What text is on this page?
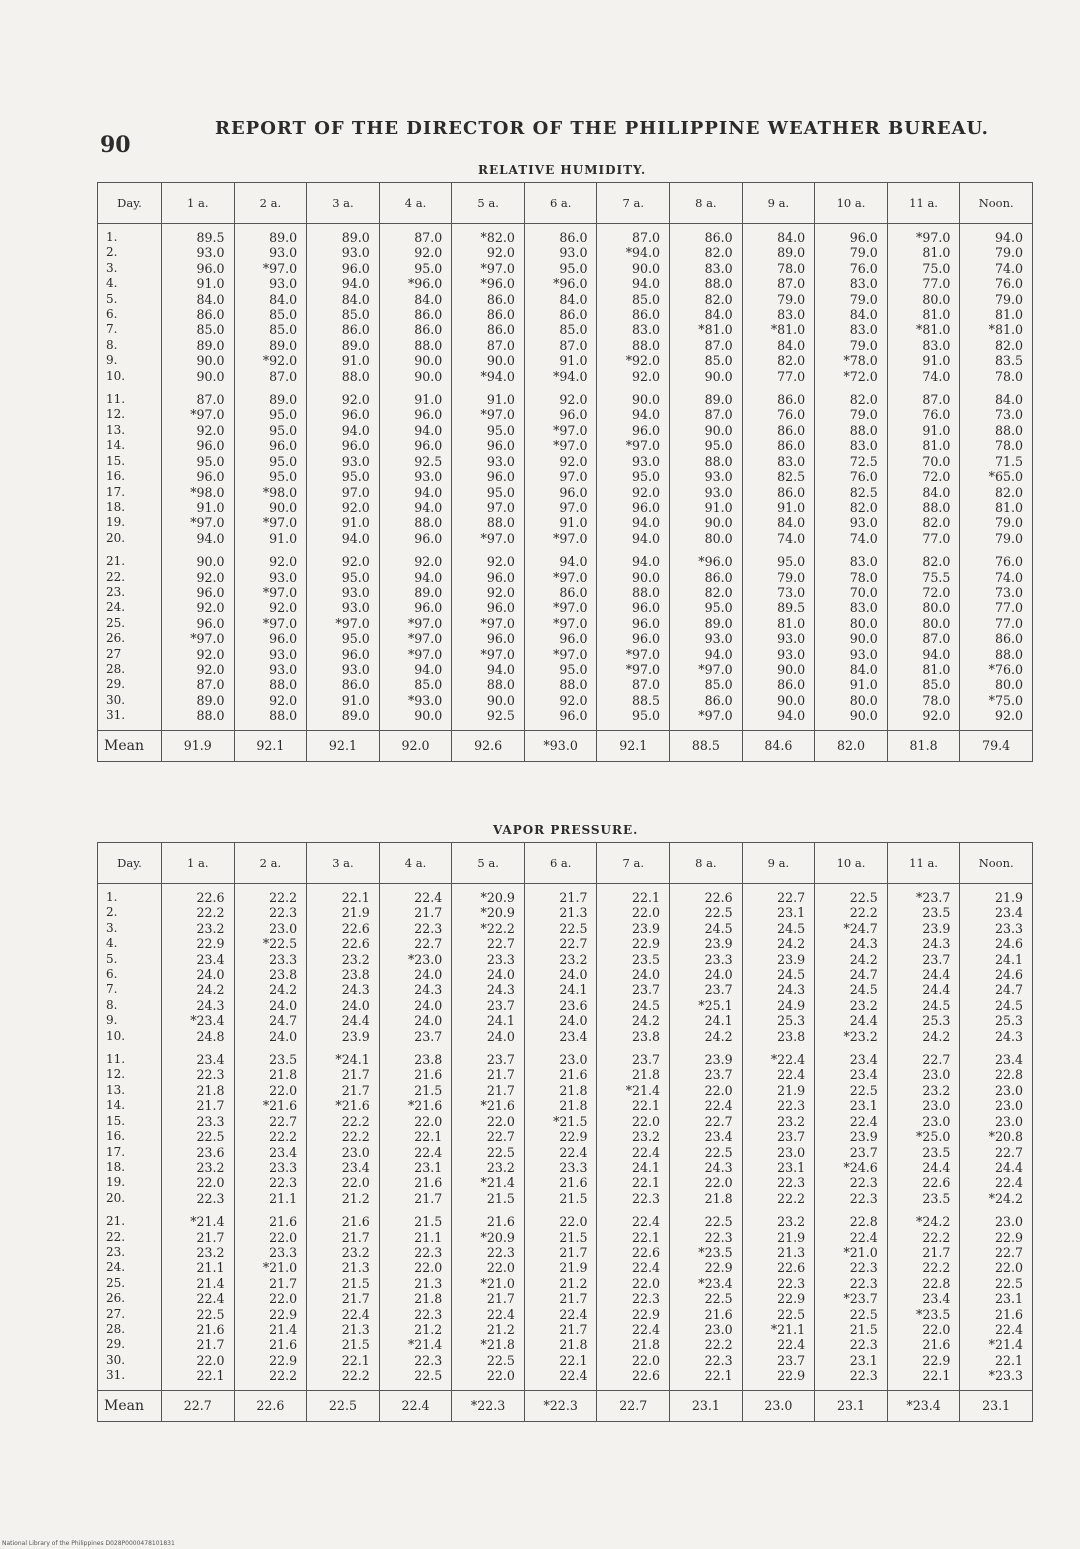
90
REPORT OF THE DIRECTOR OF THE PHILIPPINE WEATHER BUREAU.
RELATIVE HUMIDITY.
Day.	1 a.	2 a.	3 a.	4 a.	5 a.	6 a.	7 a.	8 a.	9 a.	10 a.	11 a.	Noon.
1.	89.5	89.0	89.0	87.0	*82.0	86.0	87.0	86.0	84.0	96.0	*97.0	94.0
2.	93.0	93.0	93.0	92.0	92.0	93.0	*94.0	82.0	89.0	79.0	81.0	79.0
3.	96.0	*97.0	96.0	95.0	*97.0	95.0	90.0	83.0	78.0	76.0	75.0	74.0
4.	91.0	93.0	94.0	*96.0	*96.0	*96.0	94.0	88.0	87.0	83.0	77.0	76.0
5.	84.0	84.0	84.0	84.0	86.0	84.0	85.0	82.0	79.0	79.0	80.0	79.0
6.	86.0	85.0	85.0	86.0	86.0	86.0	86.0	84.0	83.0	84.0	81.0	81.0
7.	85.0	85.0	86.0	86.0	86.0	85.0	83.0	*81.0	*81.0	83.0	*81.0	*81.0
8.	89.0	89.0	89.0	88.0	87.0	87.0	88.0	87.0	84.0	79.0	83.0	82.0
9.	90.0	*92.0	91.0	90.0	90.0	91.0	*92.0	85.0	82.0	*78.0	91.0	83.5
10.	90.0	87.0	88.0	90.0	*94.0	*94.0	92.0	90.0	77.0	*72.0	74.0	78.0
11.	87.0	89.0	92.0	91.0	91.0	92.0	90.0	89.0	86.0	82.0	87.0	84.0
12.	*97.0	95.0	96.0	96.0	*97.0	96.0	94.0	87.0	76.0	79.0	76.0	73.0
13.	92.0	95.0	94.0	94.0	95.0	*97.0	96.0	90.0	86.0	88.0	91.0	88.0
14.	96.0	96.0	96.0	96.0	96.0	*97.0	*97.0	95.0	86.0	83.0	81.0	78.0
15.	95.0	95.0	93.0	92.5	93.0	92.0	93.0	88.0	83.0	72.5	70.0	71.5
16.	96.0	95.0	95.0	93.0	96.0	97.0	95.0	93.0	82.5	76.0	72.0	*65.0
17.	*98.0	*98.0	97.0	94.0	95.0	96.0	92.0	93.0	86.0	82.5	84.0	82.0
18.	91.0	90.0	92.0	94.0	97.0	97.0	96.0	91.0	91.0	82.0	88.0	81.0
19.	*97.0	*97.0	91.0	88.0	88.0	91.0	94.0	90.0	84.0	93.0	82.0	79.0
20.	94.0	91.0	94.0	96.0	*97.0	*97.0	94.0	80.0	74.0	74.0	77.0	79.0
21.	90.0	92.0	92.0	92.0	92.0	94.0	94.0	*96.0	95.0	83.0	82.0	76.0
22.	92.0	93.0	95.0	94.0	96.0	*97.0	90.0	86.0	79.0	78.0	75.5	74.0
23.	96.0	*97.0	93.0	89.0	92.0	86.0	88.0	82.0	73.0	70.0	72.0	73.0
24.	92.0	92.0	93.0	96.0	96.0	*97.0	96.0	95.0	89.5	83.0	80.0	77.0
25.	96.0	*97.0	*97.0	*97.0	*97.0	*97.0	96.0	89.0	81.0	80.0	80.0	77.0
26.	*97.0	96.0	95.0	*97.0	96.0	96.0	96.0	93.0	93.0	90.0	87.0	86.0
27	92.0	93.0	96.0	*97.0	*97.0	*97.0	*97.0	94.0	93.0	93.0	94.0	88.0
28.	92.0	93.0	93.0	94.0	94.0	95.0	*97.0	*97.0	90.0	84.0	81.0	*76.0
29.	87.0	88.0	86.0	85.0	88.0	88.0	87.0	85.0	86.0	91.0	85.0	80.0
30.	89.0	92.0	91.0	*93.0	90.0	92.0	88.5	86.0	90.0	80.0	78.0	*75.0
31.	88.0	88.0	89.0	90.0	92.5	96.0	95.0	*97.0	94.0	90.0	92.0	92.0
Mean	91.9	92.1	92.1	92.0	92.6	*93.0	92.1	88.5	84.6	82.0	81.8	79.4
VAPOR PRESSURE.
Day.	1 a.	2 a.	3 a.	4 a.	5 a.	6 a.	7 a.	8 a.	9 a.	10 a.	11 a.	Noon.
1.	22.6	22.2	22.1	22.4	*20.9	21.7	22.1	22.6	22.7	22.5	*23.7	21.9
2.	22.2	22.3	21.9	21.7	*20.9	21.3	22.0	22.5	23.1	22.2	23.5	23.4
3.	23.2	23.0	22.6	22.3	*22.2	22.5	23.9	24.5	24.5	*24.7	23.9	23.3
4.	22.9	*22.5	22.6	22.7	22.7	22.7	22.9	23.9	24.2	24.3	24.3	24.6
5.	23.4	23.3	23.2	*23.0	23.3	23.2	23.5	23.3	23.9	24.2	23.7	24.1
6.	24.0	23.8	23.8	24.0	24.0	24.0	24.0	24.0	24.5	24.7	24.4	24.6
7.	24.2	24.2	24.3	24.3	24.3	24.1	23.7	23.7	24.3	24.5	24.4	24.7
8.	24.3	24.0	24.0	24.0	23.7	23.6	24.5	*25.1	24.9	23.2	24.5	24.5
9.	*23.4	24.7	24.4	24.0	24.1	24.0	24.2	24.1	25.3	24.4	25.3	25.3
10.	24.8	24.0	23.9	23.7	24.0	23.4	23.8	24.2	23.8	*23.2	24.2	24.3
11.	23.4	23.5	*24.1	23.8	23.7	23.0	23.7	23.9	*22.4	23.4	22.7	23.4
12.	22.3	21.8	21.7	21.6	21.7	21.6	21.8	23.7	22.4	23.4	23.0	22.8
13.	21.8	22.0	21.7	21.5	21.7	21.8	*21.4	22.0	21.9	22.5	23.2	23.0
14.	21.7	*21.6	*21.6	*21.6	*21.6	21.8	22.1	22.4	22.3	23.1	23.0	23.0
15.	23.3	22.7	22.2	22.0	22.0	*21.5	22.0	22.7	23.2	22.4	23.0	23.0
16.	22.5	22.2	22.2	22.1	22.7	22.9	23.2	23.4	23.7	23.9	*25.0	*20.8
17.	23.6	23.4	23.0	22.4	22.5	22.4	22.4	22.5	23.0	23.7	23.5	22.7
18.	23.2	23.3	23.4	23.1	23.2	23.3	24.1	24.3	23.1	*24.6	24.4	24.4
19.	22.0	22.3	22.0	21.6	*21.4	21.6	22.1	22.0	22.3	22.3	22.6	22.4
20.	22.3	21.1	21.2	21.7	21.5	21.5	22.3	21.8	22.2	22.3	23.5	*24.2
21.	*21.4	21.6	21.6	21.5	21.6	22.0	22.4	22.5	23.2	22.8	*24.2	23.0
22.	21.7	22.0	21.7	21.1	*20.9	21.5	22.1	22.3	21.9	22.4	22.2	22.9
23.	23.2	23.3	23.2	22.3	22.3	21.7	22.6	*23.5	21.3	*21.0	21.7	22.7
24.	21.1	*21.0	21.3	22.0	22.0	21.9	22.4	22.9	22.6	22.3	22.2	22.0
25.	21.4	21.7	21.5	21.3	*21.0	21.2	22.0	*23.4	22.3	22.3	22.8	22.5
26.	22.4	22.0	21.7	21.8	21.7	21.7	22.3	22.5	22.9	*23.7	23.4	23.1
27.	22.5	22.9	22.4	22.3	22.4	22.4	22.9	21.6	22.5	22.5	*23.5	21.6
28.	21.6	21.4	21.3	21.2	21.2	21.7	22.4	23.0	*21.1	21.5	22.0	22.4
29.	21.7	21.6	21.5	*21.4	*21.8	21.8	21.8	22.2	22.4	22.3	21.6	*21.4
30.	22.0	22.9	22.1	22.3	22.5	22.1	22.0	22.3	23.7	23.1	22.9	22.1
31.	22.1	22.2	22.2	22.5	22.0	22.4	22.6	22.1	22.9	22.3	22.1	*23.3
Mean	22.7	22.6	22.5	22.4	*22.3	*22.3	22.7	23.1	23.0	23.1	*23.4	23.1
National Library of the Philippines D028P0000478101831
